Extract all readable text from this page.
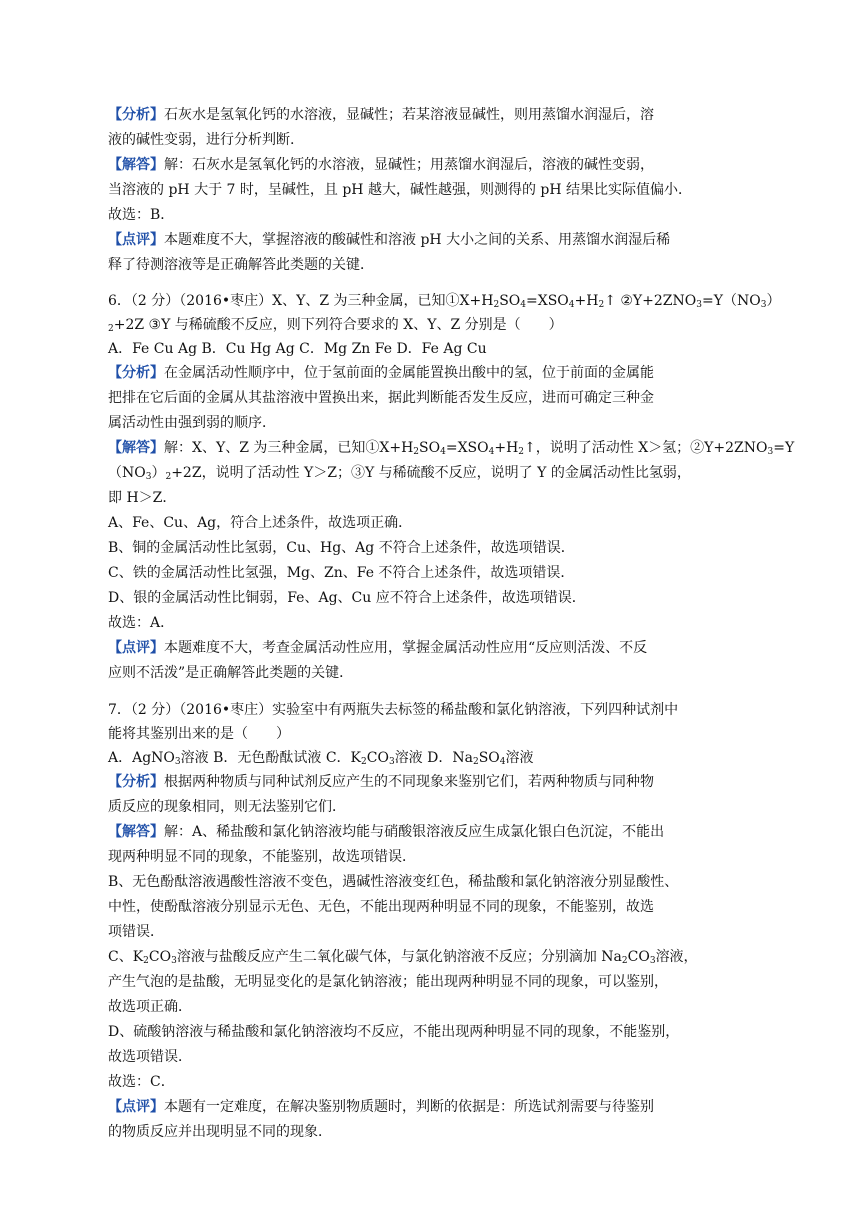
【分析】石灰水是氢氧化钙的水溶液，显碱性；若某溶液显碱性，则用蒸馏水润湿后，溶
液的碱性变弱，进行分析判断.
【解答】解：石灰水是氢氧化钙的水溶液，显碱性；用蒸馏水润湿后，溶液的碱性变弱，
当溶液的 pH 大于 7 时，呈碱性，且 pH 越大，碱性越强，则测得的 pH 结果比实际值偏小．
故选：B．
【点评】本题难度不大，掌握溶液的酸碱性和溶液 pH 大小之间的关系、用蒸馏水润湿后稀
释了待测溶液等是正确解答此类题的关键．
6．（2 分）（2016•枣庄）X、Y、Z 为三种金属，已知$①X+H_2SO_4=XSO_4+H_2↑$ $②Y+2ZNO_3=Y(NO_3)$
$_2$+2Z ③Y 与稀硫酸不反应，则下列符合要求的 X、Y、Z 分别是（　　）
A．Fe Cu Ag B．Cu Hg Ag C．Mg Zn Fe D．Fe Ag Cu
【分析】在金属活动性顺序中，位于氢前面的金属能置换出酸中的氢，位于前面的金属能
把排在它后面的金属从其盐溶液中置换出来，据此判断能否发生反应，进而可确定三种金
属活动性由强到弱的顺序．
【解答】解：X、Y、Z 为三种金属，已知$①X+H_2SO_4=XSO_4+H_2↑$，说明了活动性 X＞氢；$②Y+2ZNO_3=Y$
$(NO_3)_2+2Z$，说明了活动性 Y＞Z；③Y 与稀硫酸不反应，说明了 Y 的金属活动性比氢弱，
即 H＞Z．
A、Fe、Cu、Ag，符合上述条件，故选项正确．
B、铜的金属活动性比氢弱，Cu、Hg、Ag 不符合上述条件，故选项错误．
C、铁的金属活动性比氢强，Mg、Zn、Fe 不符合上述条件，故选项错误．
D、银的金属活动性比铜弱，Fe、Ag、Cu 应不符合上述条件，故选项错误．
故选：A．
【点评】本题难度不大，考查金属活动性应用，掌握金属活动性应用“反应则活泼、不反
应则不活泼”是正确解答此类题的关键．
7．（2 分）（2016•枣庄）实验室中有两瓶失去标签的稀盐酸和氯化钠溶液，下列四种试剂中
能将其鉴别出来的是（　　）
A．AgNO$_3$溶液 B．无色酚酞试液 C．$K_2CO_3$溶液 D．$Na_2SO_4$溶液
【分析】根据两种物质与同种试剂反应产生的不同现象来鉴别它们，若两种物质与同种物
质反应的现象相同，则无法鉴别它们．
【解答】解：A、稀盐酸和氯化钠溶液均能与硝酸银溶液反应生成氯化银白色沉淀，不能出
现两种明显不同的现象，不能鉴别，故选项错误．
B、无色酚酞溶液遇酸性溶液不变色，遇碱性溶液变红色，稀盐酸和氯化钠溶液分别显酸性、
中性，使酚酞溶液分别显示无色、无色，不能出现两种明显不同的现象，不能鉴别，故选
项错误．
C、$K_2CO_3$溶液与盐酸反应产生二氧化碳气体，与氯化钠溶液不反应；分别滴加 $Na_2CO_3$溶液，
产生气泡的是盐酸，无明显变化的是氯化钠溶液；能出现两种明显不同的现象，可以鉴别，
故选项正确．
D、硫酸钠溶液与稀盐酸和氯化钠溶液均不反应，不能出现两种明显不同的现象，不能鉴别，
故选项错误．
故选：C．
【点评】本题有一定难度，在解决鉴别物质题时，判断的依据是：所选试剂需要与待鉴别
的物质反应并出现明显不同的现象．
